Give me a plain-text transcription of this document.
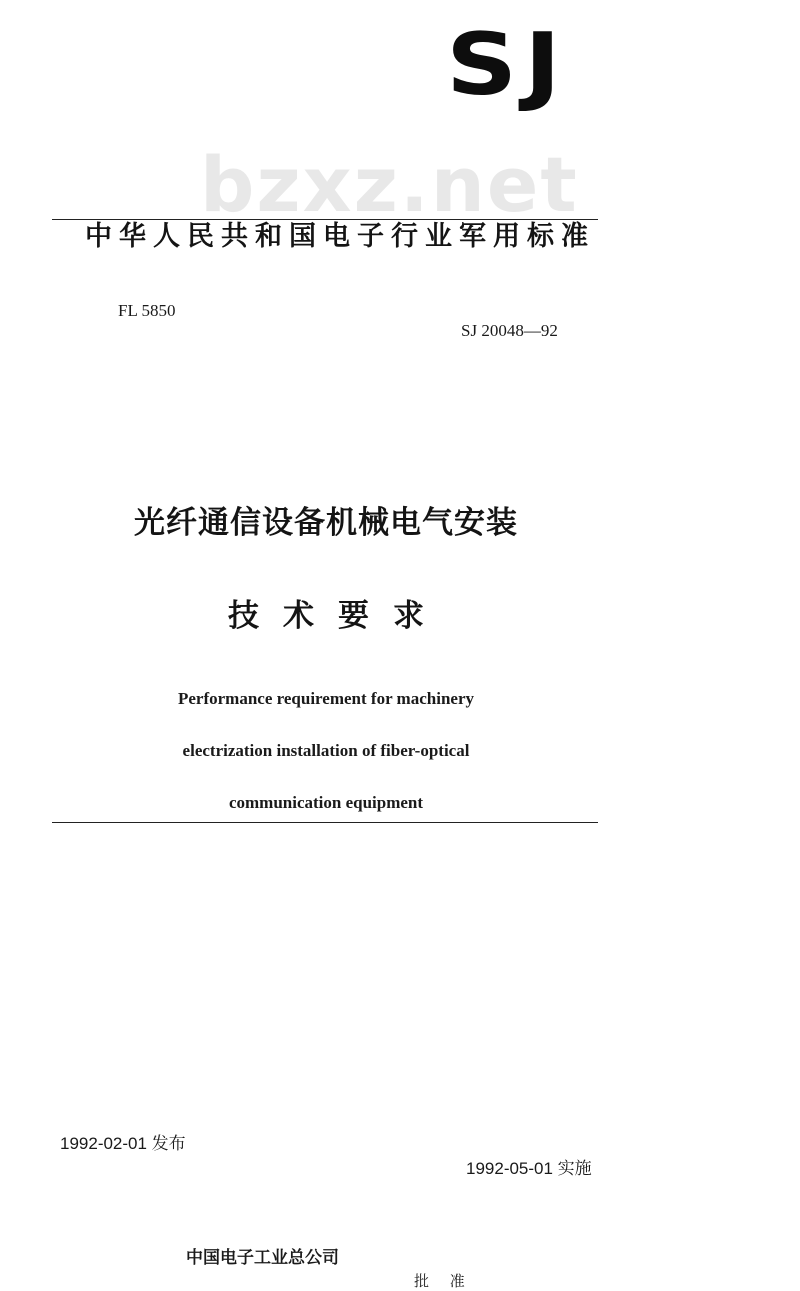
bzxz.net
SJ
中华人民共和国电子行业军用标准
FL 5850
SJ 20048—92
光纤通信设备机械电气安装
技术要求
Performance requirement for machinery
electrization installation of fiber-optical
communication equipment
1992-02-01 发布
1992-05-01 实施
中国电子工业总公司
批 准
